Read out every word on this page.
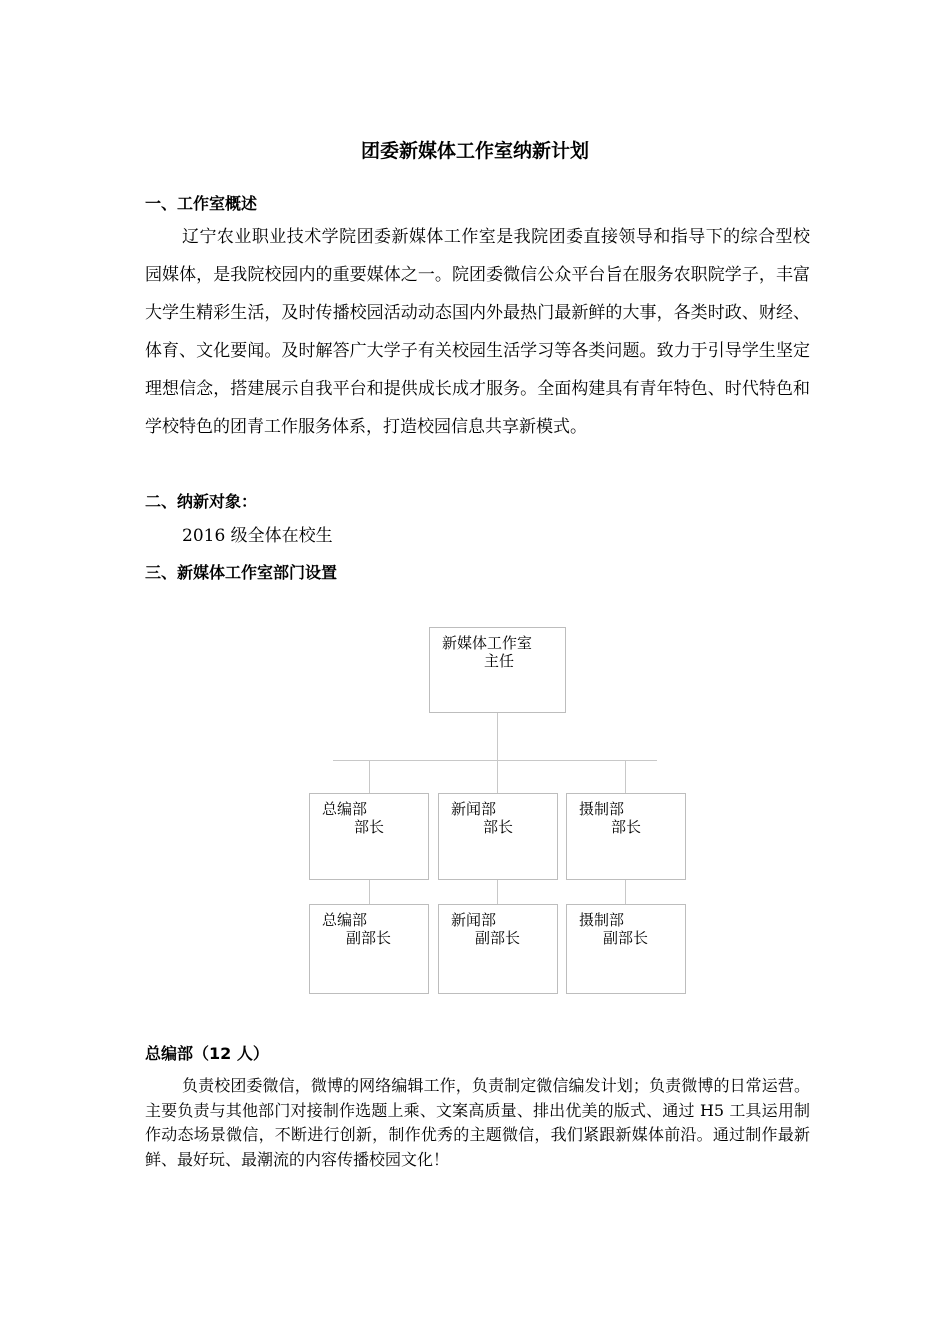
团委新媒体工作室纳新计划
一、工作室概述
辽宁农业职业技术学院团委新媒体工作室是我院团委直接领导和指导下的综合型校园媒体，是我院校园内的重要媒体之一。院团委微信公众平台旨在服务农职院学子，丰富大学生精彩生活，及时传播校园活动动态国内外最热门最新鲜的大事，各类时政、财经、体育、文化要闻。及时解答广大学子有关校园生活学习等各类问题。致力于引导学生坚定理想信念，搭建展示自我平台和提供成长成才服务。全面构建具有青年特色、时代特色和学校特色的团青工作服务体系，打造校园信息共享新模式。
二、纳新对象：
2016 级全体在校生
三、新媒体工作室部门设置
新媒体工作室
主任
总编部
部长
新闻部
部长
摄制部
部长
总编部
副部长
新闻部
副部长
摄制部
副部长
总编部（12 人）
负责校团委微信，微博的网络编辑工作，负责制定微信编发计划；负责微博的日常运营。主要负责与其他部门对接制作选题上乘、文案高质量、排出优美的版式、通过 H5 工具运用制作动态场景微信，不断进行创新，制作优秀的主题微信，我们紧跟新媒体前沿。通过制作最新鲜、最好玩、最潮流的内容传播校园文化！
